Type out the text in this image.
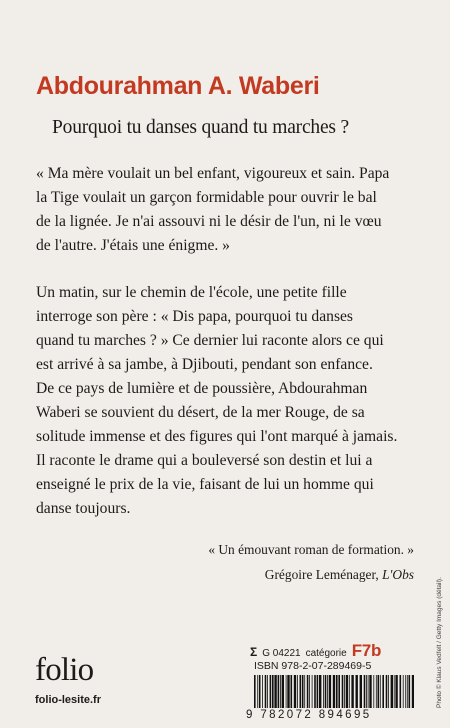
Abdourahman A. Waberi
Pourquoi tu danses quand tu marches ?

« Ma mère voulait un bel enfant, vigoureux et sain. Papa
la Tige voulait un garçon formidable pour ouvrir le bal
de la lignée. Je n'ai assouvi ni le désir de l'un, ni le vœu
de l'autre. J'étais une énigme. »

Un matin, sur le chemin de l'école, une petite fille
interroge son père : « Dis papa, pourquoi tu danses
quand tu marches ? » Ce dernier lui raconte alors ce qui
est arrivé à sa jambe, à Djibouti, pendant son enfance.
De ce pays de lumière et de poussière, Abdourahman
Waberi se souvient du désert, de la mer Rouge, de sa
solitude immense et des figures qui l'ont marqué à jamais.
Il raconte le drame qui a bouleversé son destin et lui a
enseigné le prix de la vie, faisant de lui un homme qui
danse toujours.

« Un émouvant roman de formation. »
Grégoire Leménager, L'Obs
folio
folio-lesite.fr
Σ G 04221 catégorie F7b
ISBN 978-2-07-289469-5
9 782072 894695
Photo © Klaus Vedfelt / Getty Images (détail).
